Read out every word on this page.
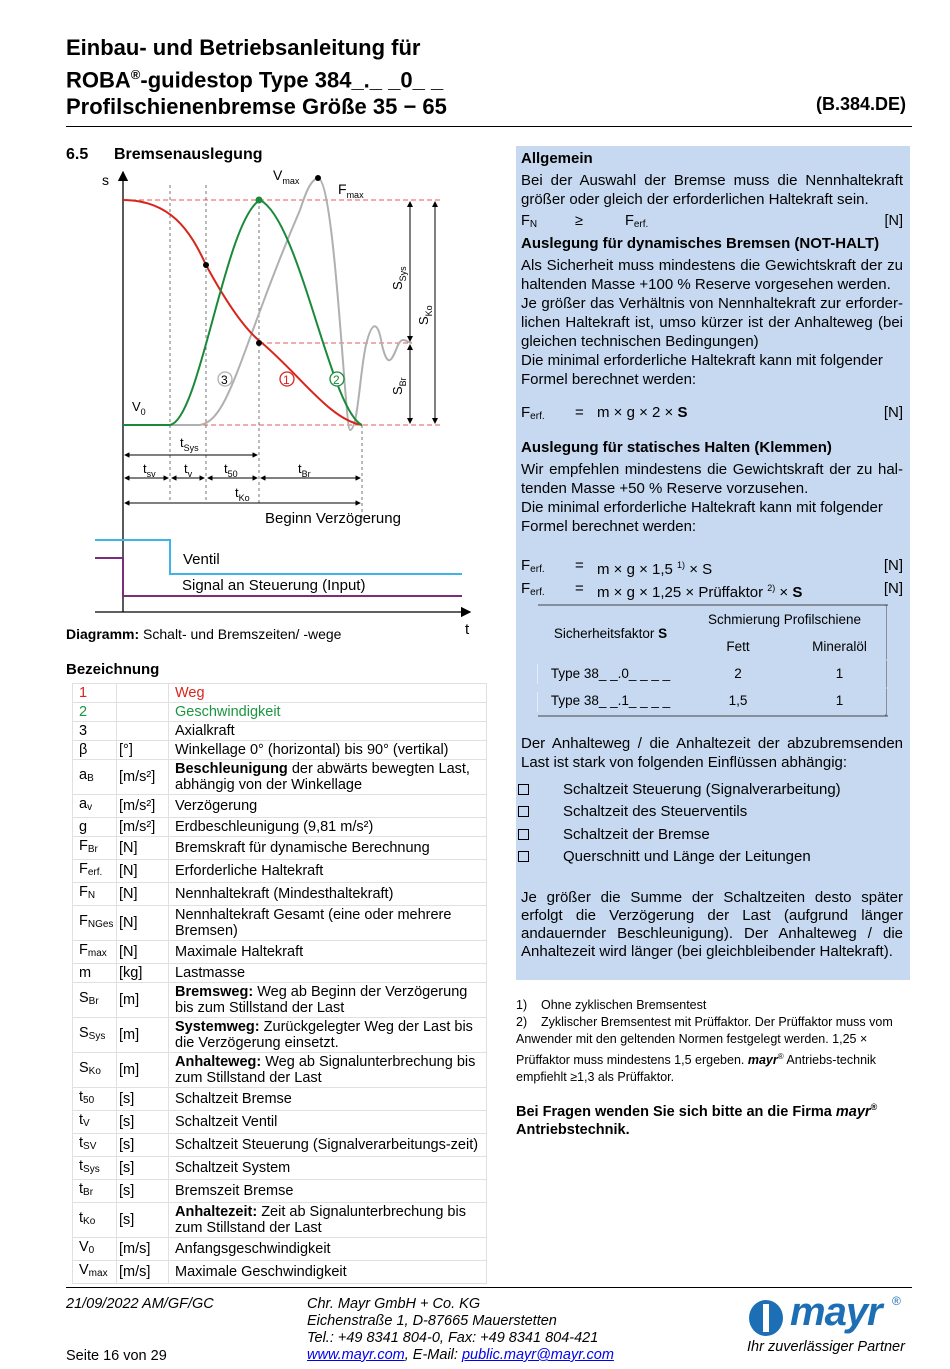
Einbau- und Betriebsanleitung für
ROBA®-guidestop Type 384_._ _0_ _
Profilschienenbremse Größe 35 − 65	(B.384.DE)
6.5 Bremsenauslegung
s
3	1	2
$V_{max}$	$F_{max}$
$V_0$
$S_{Sys}$
$S_{Br}$
$S_{Ko}$
$t_{Sys}$
$t_{sv}$ $t_v$ $t_{50}$	$t_{Br}$
$t_{Ko}$
Beginn Verzögerung
Ventil
Signal an Steuerung (Input)
t
Diagramm: Schalt- und Bremszeiten/ -wege
Bezeichnung
1		Weg
2		Geschwindigkeit
3		Axialkraft
β	[°]	Winkellage 0° (horizontal) bis 90° (vertikal)
$a_B$	[m/s²]	Beschleunigung der abwärts bewegten Last, abhängig von der Winkellage
$a_v$	[m/s²]	Verzögerung
g	[m/s²]	Erdbeschleunigung (9,81 m/s²)
$F_{Br}$	[N]	Bremskraft für dynamische Berechnung
$F_{erf.}$	[N]	Erforderliche Haltekraft
$F_N$	[N]	Nennhaltekraft (Mindesthaltekraft)
$F_{NGes}$	[N]	Nennhaltekraft Gesamt (eine oder mehrere Bremsen)
$F_{max}$	[N]	Maximale Haltekraft
m	[kg]	Lastmasse
$S_{Br}$	[m]	Bremsweg: Weg ab Beginn der Verzögerung bis zum Stillstand der Last
$S_{Sys}$	[m]	Systemweg: Zurückgelegter Weg der Last bis die Verzögerung einsetzt.
$S_{Ko}$	[m]	Anhalteweg: Weg ab Signalunterbrechung bis zum Stillstand der Last
$t_{50}$	[s]	Schaltzeit Bremse
$t_V$	[s]	Schaltzeit Ventil
$t_{SV}$	[s]	Schaltzeit Steuerung (Signalverarbeitungs-zeit)
$t_{Sys}$	[s]	Schaltzeit System
$t_{Br}$	[s]	Bremszeit Bremse
$t_{Ko}$	[s]	Anhaltezeit: Zeit ab Signalunterbrechung bis zum Stillstand der Last
$V_0$	[m/s]	Anfangsgeschwindigkeit
$V_{max}$	[m/s]	Maximale Geschwindigkeit
Allgemein

Bei der Auswahl der Bremse muss die Nennhaltekraft größer oder gleich der erforderlichen Haltekraft sein.

$F_N$	≥	$F_{erf.}$	[N]
Auslegung für dynamisches Bremsen (NOT-HALT)

Als Sicherheit muss mindestens die Gewichtskraft der zu haltenden Masse +100 % Reserve vorgesehen werden.

Je größer das Verhältnis von Nennhaltekraft zur erforder-lichen Haltekraft ist, umso kürzer ist der Anhalteweg (bei gleichen technischen Bedingungen)

Die minimal erforderliche Haltekraft kann mit folgender Formel berechnet werden:

$F_{erf.}$	= m × g × 2 × S	[N]
Auslegung für statisches Halten (Klemmen)

Wir empfehlen mindestens die Gewichtskraft der zu hal-tenden Masse +50 % Reserve vorzusehen.

Die minimal erforderliche Haltekraft kann mit folgender Formel berechnet werden:

$F_{erf.}$	= m × g × 1,5 $^{1)}$ × S	[N]
$F_{erf.}$	= m × g × 1,25 × Prüffaktor $^{2)}$ × S	[N]
Sicherheitsfaktor S	Schmierung Profilschiene	
	Fett	Mineralöl
Type 38_ _.0_ _ _ _	2	1
Type 38_ _.1_ _ _ _	1,5	1

Der Anhalteweg / die Anhaltezeit der abzubremsenden Last ist stark von folgenden Einflüssen abhängig:

Schaltzeit Steuerung (Signalverarbeitung)
Schaltzeit des Steuerventils
Schaltzeit der Bremse
Querschnitt und Länge der Leitungen

Je größer die Summe der Schaltzeiten desto später erfolgt die Verzögerung der Last (aufgrund länger andauernder Beschleunigung). Der Anhalteweg / die Anhaltezeit wird länger (bei gleichbleibender Haltekraft).

1)    Ohne zyklischen Bremsentest
2)    Zyklischer Bremsentest mit Prüffaktor. Der Prüffaktor muss vom Anwender mit den geltenden Normen festgelegt werden. 1,25 × Prüffaktor muss mindestens 1,5 ergeben. mayr® Antriebs-technik empfiehlt ≥1,3 als Prüffaktor.
Bei Fragen wenden Sie sich bitte an die Firma mayr® Antriebstechnik.
21/09/2022 AM/GF/GC
Seite 16 von 29
Chr. Mayr GmbH + Co. KG
Eichenstraße 1, D-87665 Mauerstetten
Tel.: +49 8341 804-0, Fax: +49 8341 804-421
www.mayr.com, E-Mail: public.mayr@mayr.com
mayr ®
Ihr zuverlässiger Partner
